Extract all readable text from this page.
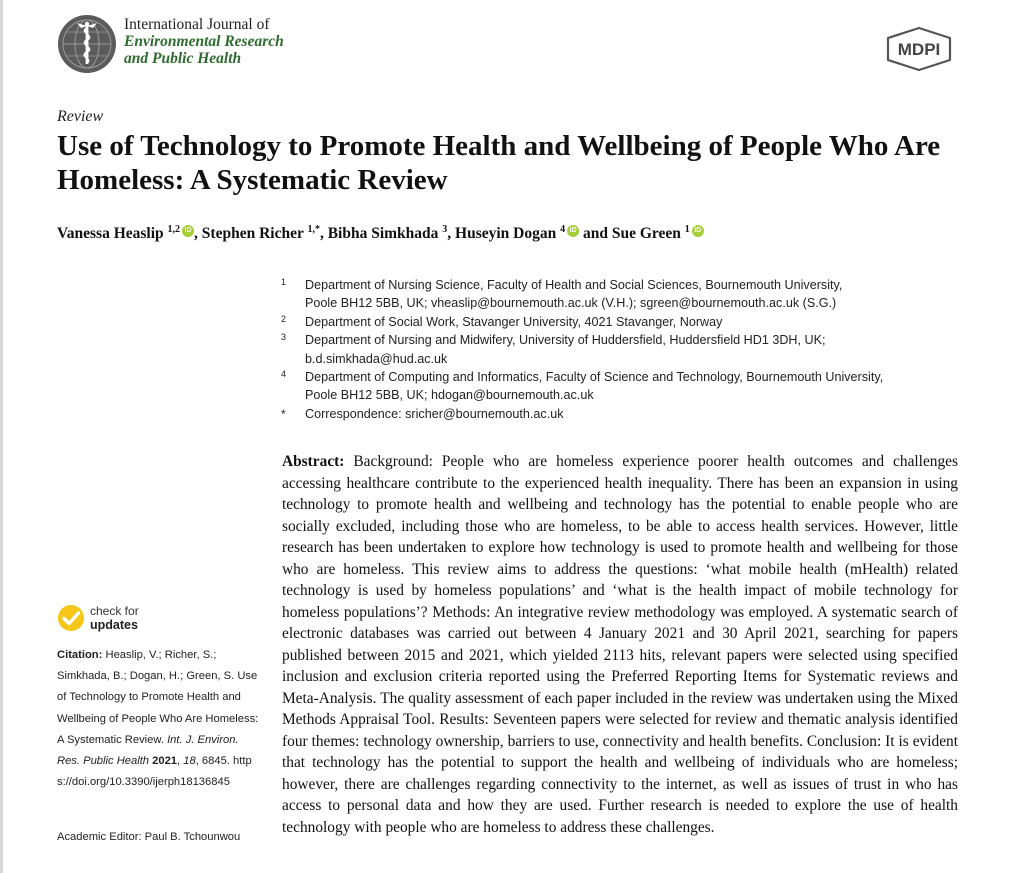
International Journal of
Environmental Research
and Public Health	MDPI
Review
Use of Technology to Promote Health and Wellbeing of People Who Are Homeless: A Systematic Review
Vanessa Heaslip $^{1,2}$iD , Stephen Richer $^{1,*}$, Bibha Simkhada $^3$, Huseyin Dogan $^4$iD and Sue Green $^1$iD
1 Department of Nursing Science, Faculty of Health and Social Sciences, Bournemouth University,
Poole BH12 5BB, UK; vheaslip@bournemouth.ac.uk (V.H.); sgreen@bournemouth.ac.uk (S.G.)
2 Department of Social Work, Stavanger University, 4021 Stavanger, Norway
3 Department of Nursing and Midwifery, University of Huddersfield, Huddersfield HD1 3DH, UK;
b.d.simkhada@hud.ac.uk
4 Department of Computing and Informatics, Faculty of Science and Technology, Bournemouth University,
Poole BH12 5BB, UK; hdogan@bournemouth.ac.uk
* Correspondence: sricher@bournemouth.ac.uk
Abstract: Background: People who are homeless experience poorer health outcomes and challenges accessing healthcare contribute to the experienced health inequality. There has been an expansion in using technology to promote health and wellbeing and technology has the potential to enable people who are socially excluded, including those who are homeless, to be able to access health services. However, little research has been undertaken to explore how technology is used to promote health and wellbeing for those who are homeless. This review aims to address the questions: ‘what mobile health (mHealth) related technology is used by homeless populations’ and ‘what is the health impact of mobile technology for homeless populations’? Methods: An integrative review methodology was employed. A systematic search of electronic databases was carried out between 4 January 2021 and 30 April 2021, searching for papers published between 2015 and 2021, which yielded 2113 hits, relevant papers were selected using specified inclusion and exclusion criteria reported using the Preferred Reporting Items for Systematic reviews and Meta-Analysis. The quality assessment of each paper included in the review was undertaken using the Mixed Methods Appraisal Tool. Results: Seventeen papers were selected for review and thematic analysis identified four themes: technology ownership, barriers to use, connectivity and health benefits. Conclusion: It is evident that technology has the potential to support the health and wellbeing of individuals who are homeless; however, there are challenges regarding connectivity to the internet, as well as issues of trust in who has access to personal data and how they are used. Further research is needed to explore the use of health technology with people who are homeless to address these challenges.
check for
updates
Citation: Heaslip, V.; Richer, S.; Simkhada, B.; Dogan, H.; Green, S. Use of Technology to Promote Health and Wellbeing of People Who Are Homeless: A Systematic Review. Int. J. Environ. Res. Public Health 2021, 18, 6845. https://doi.org/10.3390/ijerph18136845
Academic Editor: Paul B. Tchounwou
